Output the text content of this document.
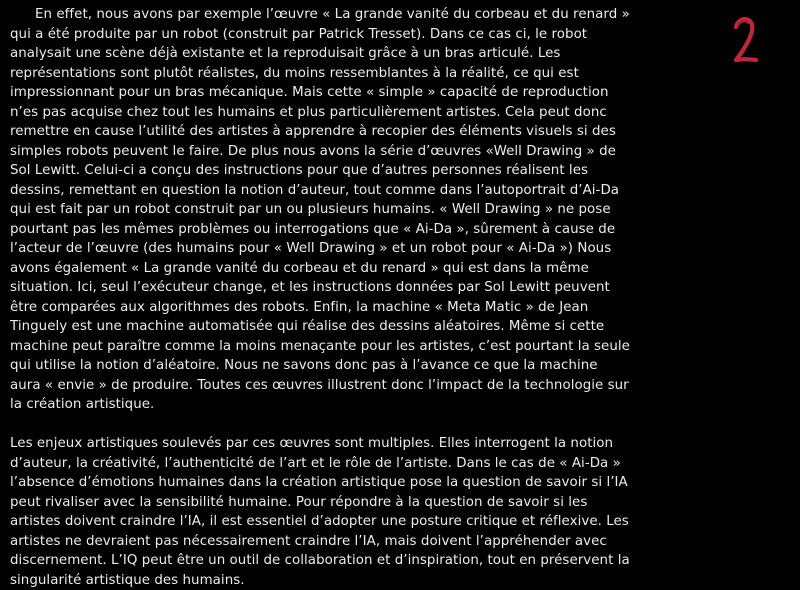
En effet, nous avons par exemple l’œuvre « La grande vanité du corbeau et du renard » qui a été produite par un robot (construit par Patrick Tresset). Dans ce cas ci, le robot analysait une scène déjà existante et la reproduisait grâce à un bras articulé. Les représentations sont plutôt réalistes, du moins ressemblantes à la réalité, ce qui est impressionnant pour un bras mécanique. Mais cette « simple » capacité de reproduction n’es pas acquise chez tout les humains et plus particulièrement artistes. Cela peut donc remettre en cause l’utilité des artistes à apprendre à recopier des éléments visuels si des simples robots peuvent le faire. De plus nous avons la série d’œuvres «Well Drawing » de Sol Lewitt. Celui-ci a conçu des instructions pour que d’autres personnes réalisent les dessins, remettant en question la notion d’auteur, tout comme dans l’autoportrait d’Ai-Da qui est fait par un robot construit par un ou plusieurs humains. « Well Drawing » ne pose pourtant pas les mêmes problèmes ou interrogations que « Ai-Da », sûrement à cause de l’acteur de l’œuvre (des humains pour « Well Drawing » et un robot pour « Ai-Da ») Nous avons également « La grande vanité du corbeau et du renard » qui est dans la même situation. Ici, seul l’exécuteur change, et les instructions données par Sol Lewitt peuvent être comparées aux algorithmes des robots. Enfin, la machine « Meta Matic » de Jean Tinguely est une machine automatisée qui réalise des dessins aléatoires. Même si cette machine peut paraître comme la moins menaçante pour les artistes, c’est pourtant la seule qui utilise la notion d’aléatoire. Nous ne savons donc pas à l’avance ce que la machine aura « envie » de produire. Toutes ces œuvres illustrent donc l’impact de la technologie sur la création artistique.

Les enjeux artistiques soulevés par ces œuvres sont multiples. Elles interrogent la notion d’auteur, la créativité, l’authenticité de l’art et le rôle de l’artiste. Dans le cas de « Ai-Da » l’absence d’émotions humaines dans la création artistique pose la question de savoir si l’IA peut rivaliser avec la sensibilité humaine. Pour répondre à la question de savoir si les artistes doivent craindre l’IA, il est essentiel d’adopter une posture critique et réflexive. Les artistes ne devraient pas nécessairement craindre l’IA, mais doivent l’appréhender avec discernement. L’IQ peut être un outil de collaboration et d’inspiration, tout en préservent la singularité artistique des humains.
